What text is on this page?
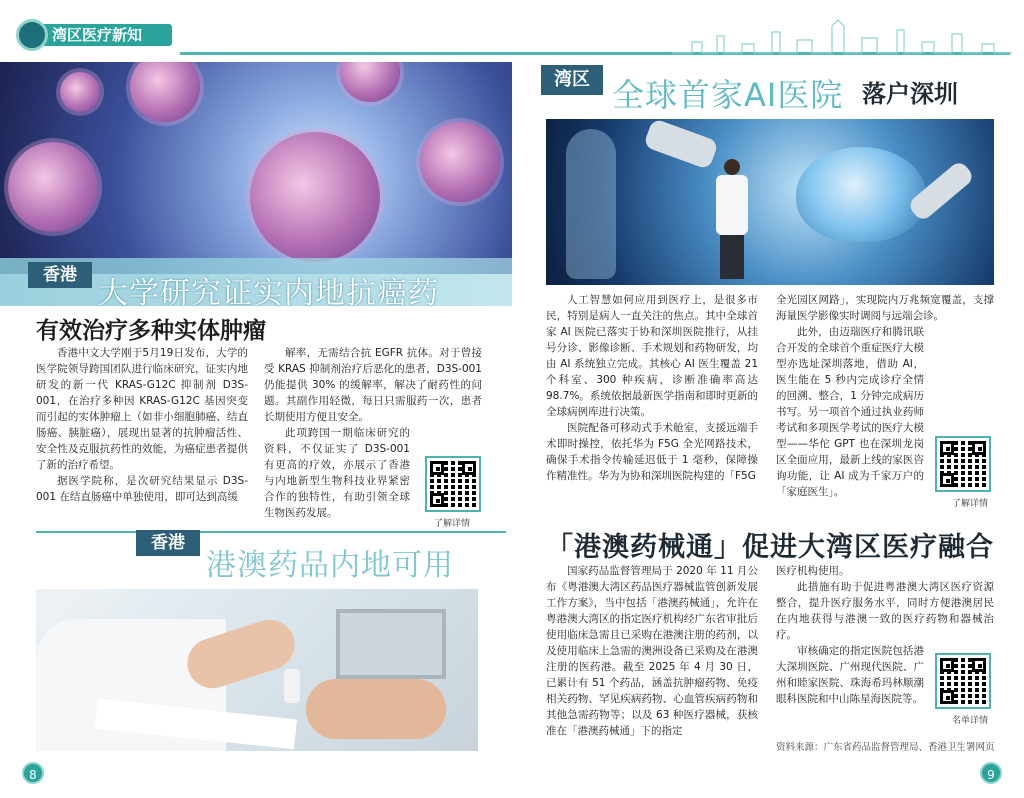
湾区医疗新知
香港
大学研究证实内地抗癌药
有效治疗多种实体肿瘤

香港中文大学刚于5月19日发布，大学的医学院领导跨国团队进行临床研究，证实内地研发的新一代 KRAS-G12C 抑制剂 D3S-001，在治疗多种因 KRAS-G12C 基因突变而引起的实体肿瘤上（如非小细胞肺癌、结直肠癌、胰脏癌），展现出显著的抗肿瘤活性、安全性及克服抗药性的效能，为癌症患者提供了新的治疗希望。

据医学院称，是次研究结果显示 D3S-001 在结直肠癌中单独使用，即可达到高缓

解率，无需结合抗 EGFR 抗体。对于曾接受 KRAS 抑制剂治疗后恶化的患者，D3S-001 仍能提供 30% 的缓解率，解决了耐药性的问题。其副作用轻微，每日只需服药一次，患者长期使用方便且安全。

此项跨国一期临床研究的资料，不仅证实了 D3S-001 有更高的疗效，亦展示了香港与内地新型生物科技业界紧密合作的独特性，有助引领全球生物医药发展。

了解详情
香港
港澳药品内地可用
湾区 全球首家AI医院 落户深圳

人工智慧如何应用到医疗上，是很多市民，特别是病人一直关注的焦点。其中全球首家 AI 医院已落实于协和深圳医院推行，从挂号分诊、影像诊断、手术规划和药物研发，均由 AI 系统独立完成。其核心 AI 医生覆盖 21 个科室、300 种疾病，诊断准确率高达 98.7%。系统依据最新医学指南和即时更新的全球病例库进行决策。

医院配备可移动式手术舱室，支援远端手术即时操控，依托华为 F5G 全光网路技术，确保手术指令传输延迟低于 1 毫秒，保障操作精准性。华为为协和深圳医院构建的「F5G

全光园区网路」，实现院内万兆频宽覆盖，支撑海量医学影像实时调阅与远端会诊。

此外，由迈瑞医疗和腾讯联合开发的全球首个重症医疗大模型亦选址深圳落地，借助 AI，医生能在 5 秒内完成诊疗全情的回溯、整合，1 分钟完成病历书写。另一项首个通过执业药师考试和多项医学考试的医疗大模型——华佗 GPT 也在深圳龙岗区全面应用，最新上线的家医咨询功能，让 AI 成为千家万户的「家庭医生」。

了解详情
「港澳药械通」促进大湾区医疗融合

国家药品监督管理局于 2020 年 11 月公布《粤港澳大湾区药品医疗器械监管创新发展工作方案》，当中包括「港澳药械通」，允许在粤港澳大湾区的指定医疗机构经广东省审批后使用临床急需且已采购在港澳注册的药剂，以及使用临床上急需的澳洲设备已采购及在港澳注册的医药港。截至 2025 年 4 月 30 日，已累计有 51 个药品，涵盖抗肿瘤药物、免疫相关药物、罕见疾病药物、心血管疾病药物和其他急需药物等；以及 63 种医疗器械，获核准在「港澳药械通」下的指定

医疗机构使用。

此措施有助于促进粤港澳大湾区医疗资源整合，提升医疗服务水平，同时方便港澳居民在内地获得与港澳一致的医疗药物和器械治疗。

审核确定的指定医院包括港大深圳医院、广州现代医院、广州和睦家医院、珠海希玛林顺潮眼科医院和中山陈星海医院等。

名单详情
资料来源：广东省药品监督管理局、香港卫生署网页
8	9
